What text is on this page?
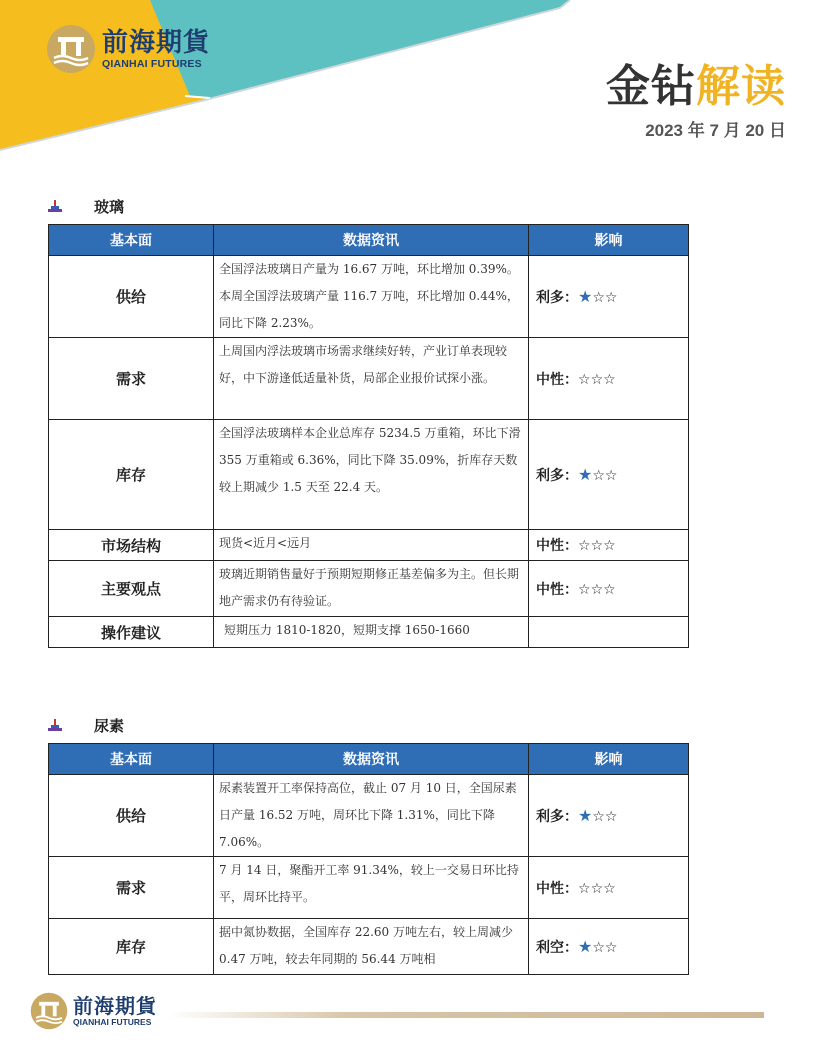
前海期貨
QIANHAI FUTURES	金钻解读
2023 年 7 月 20 日
玻璃
基本面	数据资讯	影响
供给	全国浮法玻璃日产量为 16.67 万吨，环比增加 0.39%。本周全国浮法玻璃产量 116.7 万吨，环比增加 0.44%，同比下降 2.23%。	利多：★☆☆
需求	上周国内浮法玻璃市场需求继续好转，产业订单表现较好，中下游逢低适量补货，局部企业报价试探小涨。	中性：☆☆☆
库存	全国浮法玻璃样本企业总库存 5234.5 万重箱，环比下滑 355 万重箱或 6.36%，同比下降 35.09%，折库存天数较上期减少 1.5 天至 22.4 天。	利多：★☆☆
市场结构	现货<近月<远月	中性：☆☆☆
主要观点	玻璃近期销售量好于预期短期修正基差偏多为主。但长期地产需求仍有待验证。	中性：☆☆☆
操作建议	短期压力 1810-1820，短期支撑 1650-1660	
尿素
基本面	数据资讯	影响
供给	尿素装置开工率保持高位，截止 07 月 10 日，全国尿素日产量 16.52 万吨，周环比下降 1.31%，同比下降 7.06%。	利多：★☆☆
需求	7 月 14 日，聚酯开工率 91.34%，较上一交易日环比持平，周环比持平。	中性：☆☆☆
库存	据中氮协数据，全国库存 22.60 万吨左右，较上周减少 0.47 万吨，较去年同期的 56.44 万吨相	利空：★☆☆
前海期貨
QIANHAI FUTURES
